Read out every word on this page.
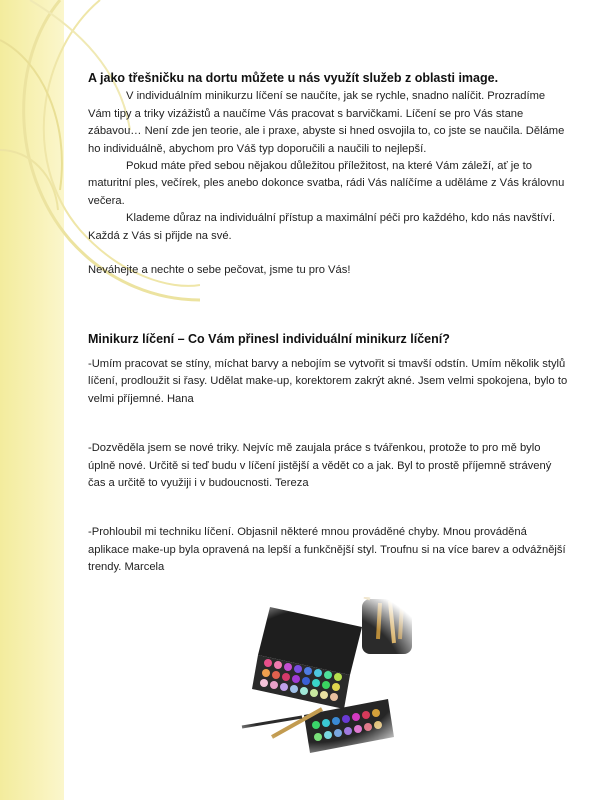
A jako třešničku na dortu můžete u nás využít služeb z oblasti image.

V individuálním minikurzu líčení se naučíte, jak se rychle, snadno nalíčit. Prozradíme Vám tipy a triky vizážistů a naučíme Vás pracovat s barvičkami. Líčení se pro Vás stane zábavou… Není zde jen teorie, ale i praxe, abyste si hned osvojila to, co jste se naučila. Děláme ho individuálně, abychom pro Váš typ doporučili a naučili to nejlepší.

Pokud máte před sebou nějakou důležitou příležitost, na které Vám záleží, ať je to maturitní ples, večírek, ples anebo dokonce svatba, rádi Vás nalíčíme a uděláme z Vás královnu večera.

Klademe důraz na individuální přístup a maximální péči pro každého, kdo nás navštíví. Každá z Vás si přijde na své.

Neváhejte a nechte o sebe pečovat, jsme tu pro Vás!

Minikurz líčení – Co Vám přinesl individuální minikurz líčení?

-Umím pracovat se stíny, míchat barvy a nebojím se vytvořit si tmavší odstín. Umím několik stylů líčení, prodloužit si řasy. Udělat make-up, korektorem zakrýt akné. Jsem velmi spokojena, bylo to velmi příjemné. Hana

-Dozvěděla jsem se nové triky. Nejvíc mě zaujala práce s tvářenkou, protože to pro mě bylo úplně nové. Určitě si teď budu v líčení jistější a vědět co a jak. Byl to prostě příjemně strávený čas a určitě to využiji i v budoucnosti. Tereza

-Prohloubil mi techniku líčení. Objasnil některé mnou prováděné chyby. Mnou prováděná aplikace make-up byla opravená na lepší a funkčnější styl. Troufnu si na více barev a odvážnější trendy. Marcela
